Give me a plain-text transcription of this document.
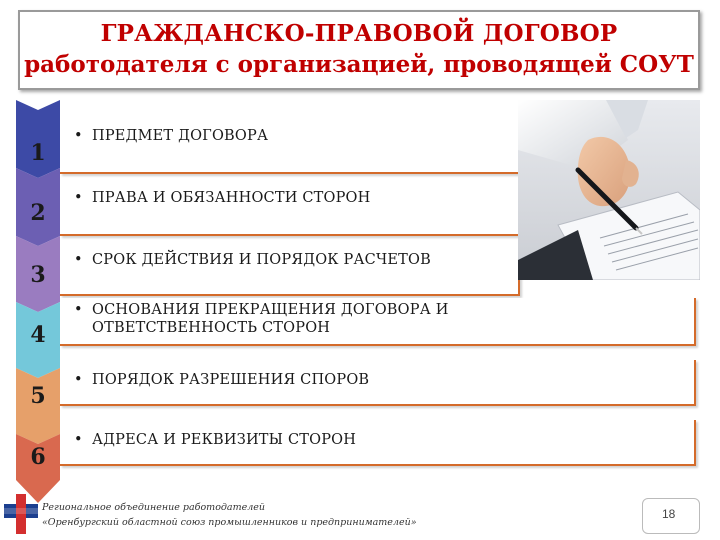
ГРАЖДАНСКО-ПРАВОВОЙ ДОГОВОР
работодателя с организацией, проводящей СОУТ
1
2
3
4
5
6
• ПРЕДМЕТ ДОГОВОРА
• ПРАВА И ОБЯЗАННОСТИ СТОРОН
• СРОК ДЕЙСТВИЯ И ПОРЯДОК РАСЧЕТОВ
• ОСНОВАНИЯ ПРЕКРАЩЕНИЯ ДОГОВОРА И
ОТВЕТСТВЕННОСТЬ СТОРОН
• ПОРЯДОК РАЗРЕШЕНИЯ СПОРОВ
• АДРЕСА И РЕКВИЗИТЫ СТОРОН
Региональное объединение работодателей
«Оренбургский областной союз промышленников и предпринимателей»
18
